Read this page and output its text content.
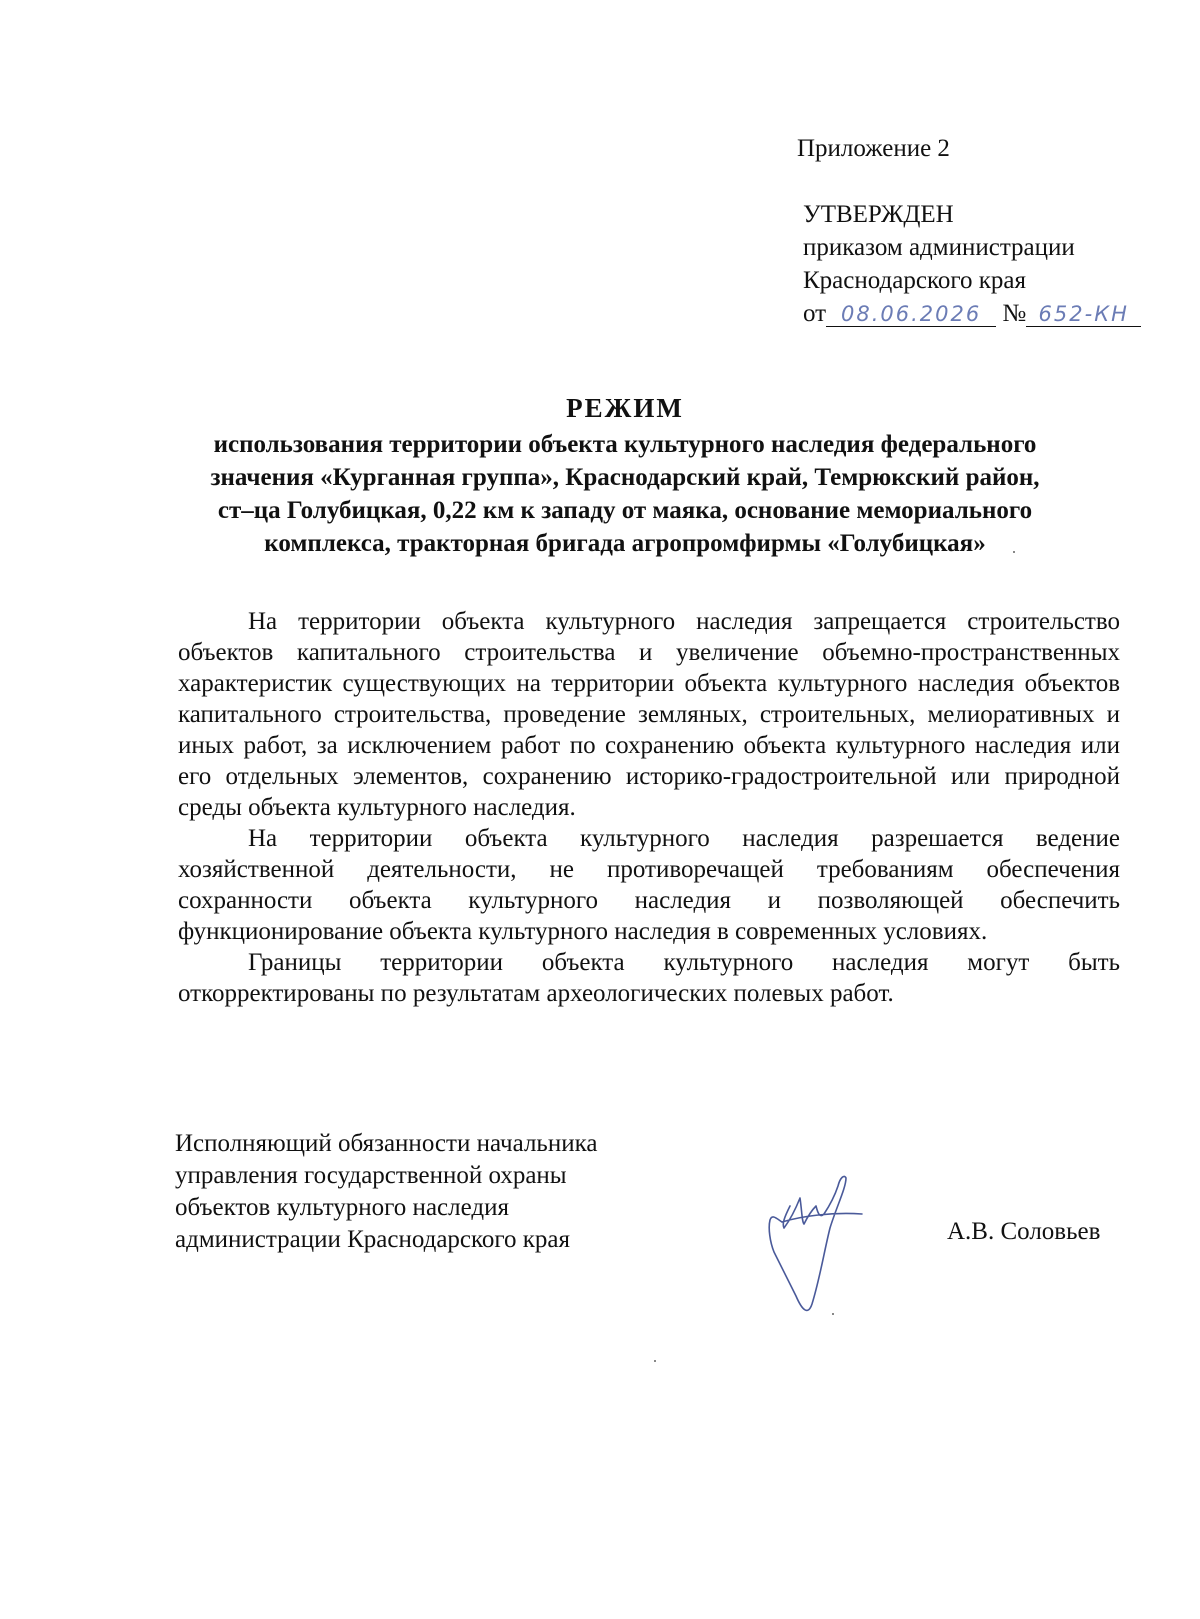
Приложение 2
УТВЕРЖДЕН
приказом администрации
Краснодарского края
от 08.06.2026 № 652-КН
РЕЖИМ
использования территории объекта культурного наследия федерального
значения «Курганная группа», Краснодарский край, Темрюкский район,
ст–ца Голубицкая, 0,22 км к западу от маяка, основание мемориального
комплекса, тракторная бригада агропромфирмы «Голубицкая»

На территории объекта культурного наследия запрещается строительство объектов капитального строительства и увеличение объемно-пространственных характеристик существующих на территории объекта культурного наследия объектов капитального строительства, проведение земляных, строительных, мелиоративных и иных работ, за исключением работ по сохранению объекта культурного наследия или его отдельных элементов, сохранению историко-градостроительной или природной среды объекта культурного наследия.

На территории объекта культурного наследия разрешается ведение хозяйственной деятельности, не противоречащей требованиям обеспечения сохранности объекта культурного наследия и позволяющей обеспечить функционирование объекта культурного наследия в современных условиях.

Границы территории объекта культурного наследия могут быть откорректированы по результатам археологических полевых работ.

Исполняющий обязанности начальника
управления государственной охраны
объектов культурного наследия
администрации Краснодарского края	А.В. Соловьев
